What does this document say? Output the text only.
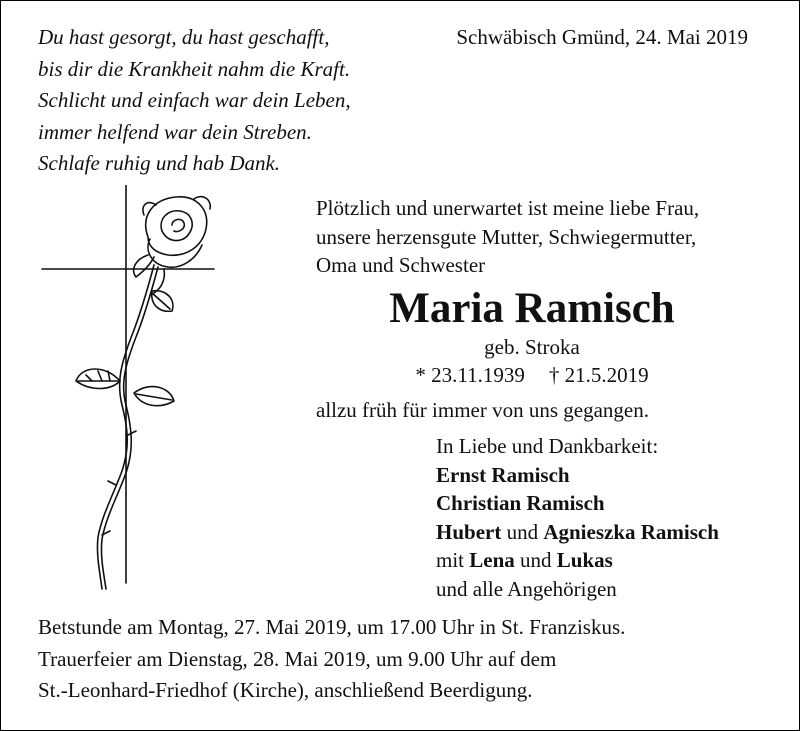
Du hast gesorgt, du hast geschafft,
bis dir die Krankheit nahm die Kraft.
Schlicht und einfach war dein Leben,
immer helfend war dein Streben.
Schlafe ruhig und hab Dank.
Schwäbisch Gmünd, 24. Mai 2019
Plötzlich und unerwartet ist meine liebe Frau,
unsere herzensgute Mutter, Schwiegermutter,
Oma und Schwester
Maria Ramisch
geb. Stroka
* 23.11.1939 † 21.5.2019
allzu früh für immer von uns gegangen.
In Liebe und Dankbarkeit:
Ernst Ramisch
Christian Ramisch
Hubert und Agnieszka Ramisch
mit Lena und Lukas
und alle Angehörigen
Betstunde am Montag, 27. Mai 2019, um 17.00 Uhr in St. Franziskus.
Trauerfeier am Dienstag, 28. Mai 2019, um 9.00 Uhr auf dem
St.-Leonhard-Friedhof (Kirche), anschließend Beerdigung.
